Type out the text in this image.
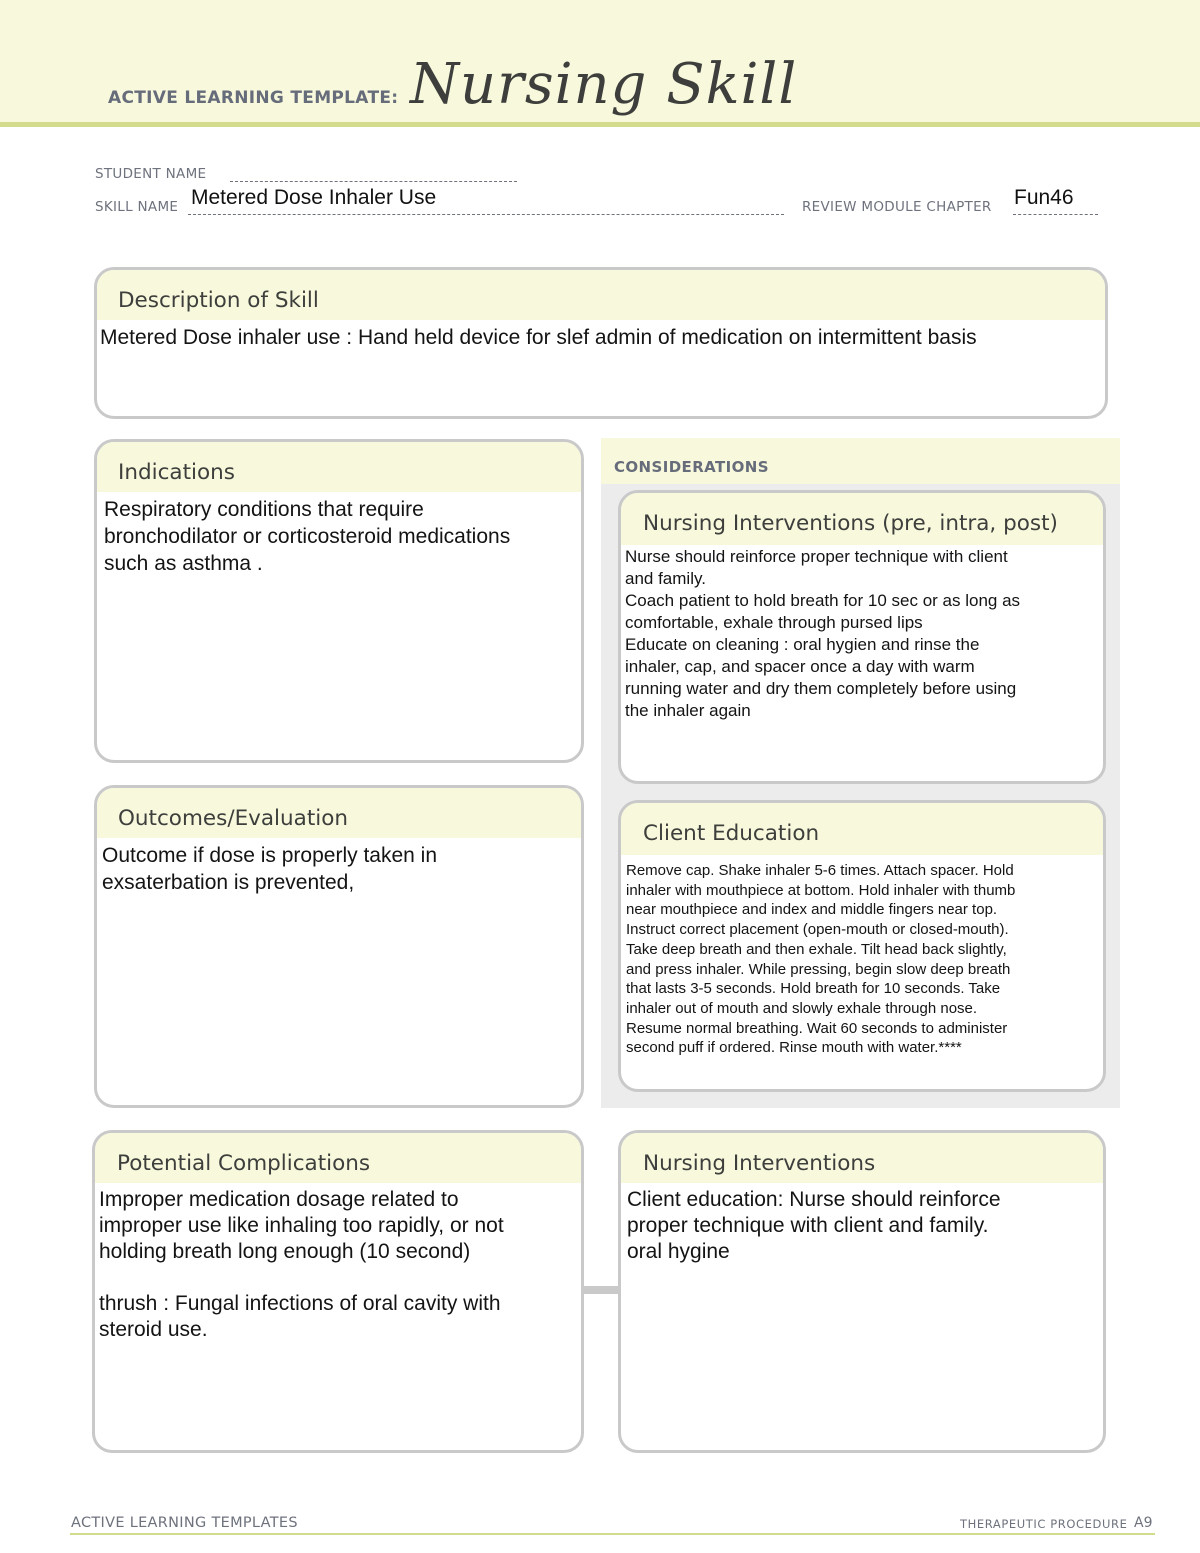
ACTIVE LEARNING TEMPLATE: Nursing Skill
STUDENT NAME
SKILL NAME Metered Dose Inhaler Use	REVIEW MODULE CHAPTER Fun46
Description of Skill
Metered Dose inhaler use : Hand held device for slef admin of medication on intermittent basis
Indications
Respiratory conditions that require
bronchodilator or corticosteroid medications
such as asthma .
Outcomes/Evaluation
Outcome if dose is properly taken in
exsaterbation is prevented,
CONSIDERATIONS
Nursing Interventions (pre, intra, post)
Nurse should reinforce proper technique with client
and family.
Coach patient to hold breath for 10 sec or as long as
comfortable, exhale through pursed lips
Educate on cleaning : oral hygien and rinse the
inhaler, cap, and spacer once a day with warm
running water and dry them completely before using
the inhaler again
Client Education
Remove cap. Shake inhaler 5-6 times. Attach spacer. Hold
inhaler with mouthpiece at bottom. Hold inhaler with thumb
near mouthpiece and index and middle fingers near top.
Instruct correct placement (open-mouth or closed-mouth).
Take deep breath and then exhale. Tilt head back slightly,
and press inhaler. While pressing, begin slow deep breath
that lasts 3-5 seconds. Hold breath for 10 seconds. Take
inhaler out of mouth and slowly exhale through nose.
Resume normal breathing. Wait 60 seconds to administer
second puff if ordered. Rinse mouth with water.****
Potential Complications
Improper medication dosage related to
improper use like inhaling too rapidly, or not
holding breath long enough (10 second)

thrush : Fungal infections of oral cavity with
steroid use.
Nursing Interventions
Client education: Nurse should reinforce
proper technique with client and family.
oral hygine
ACTIVE LEARNING TEMPLATES	THERAPEUTIC PROCEDURE A9
